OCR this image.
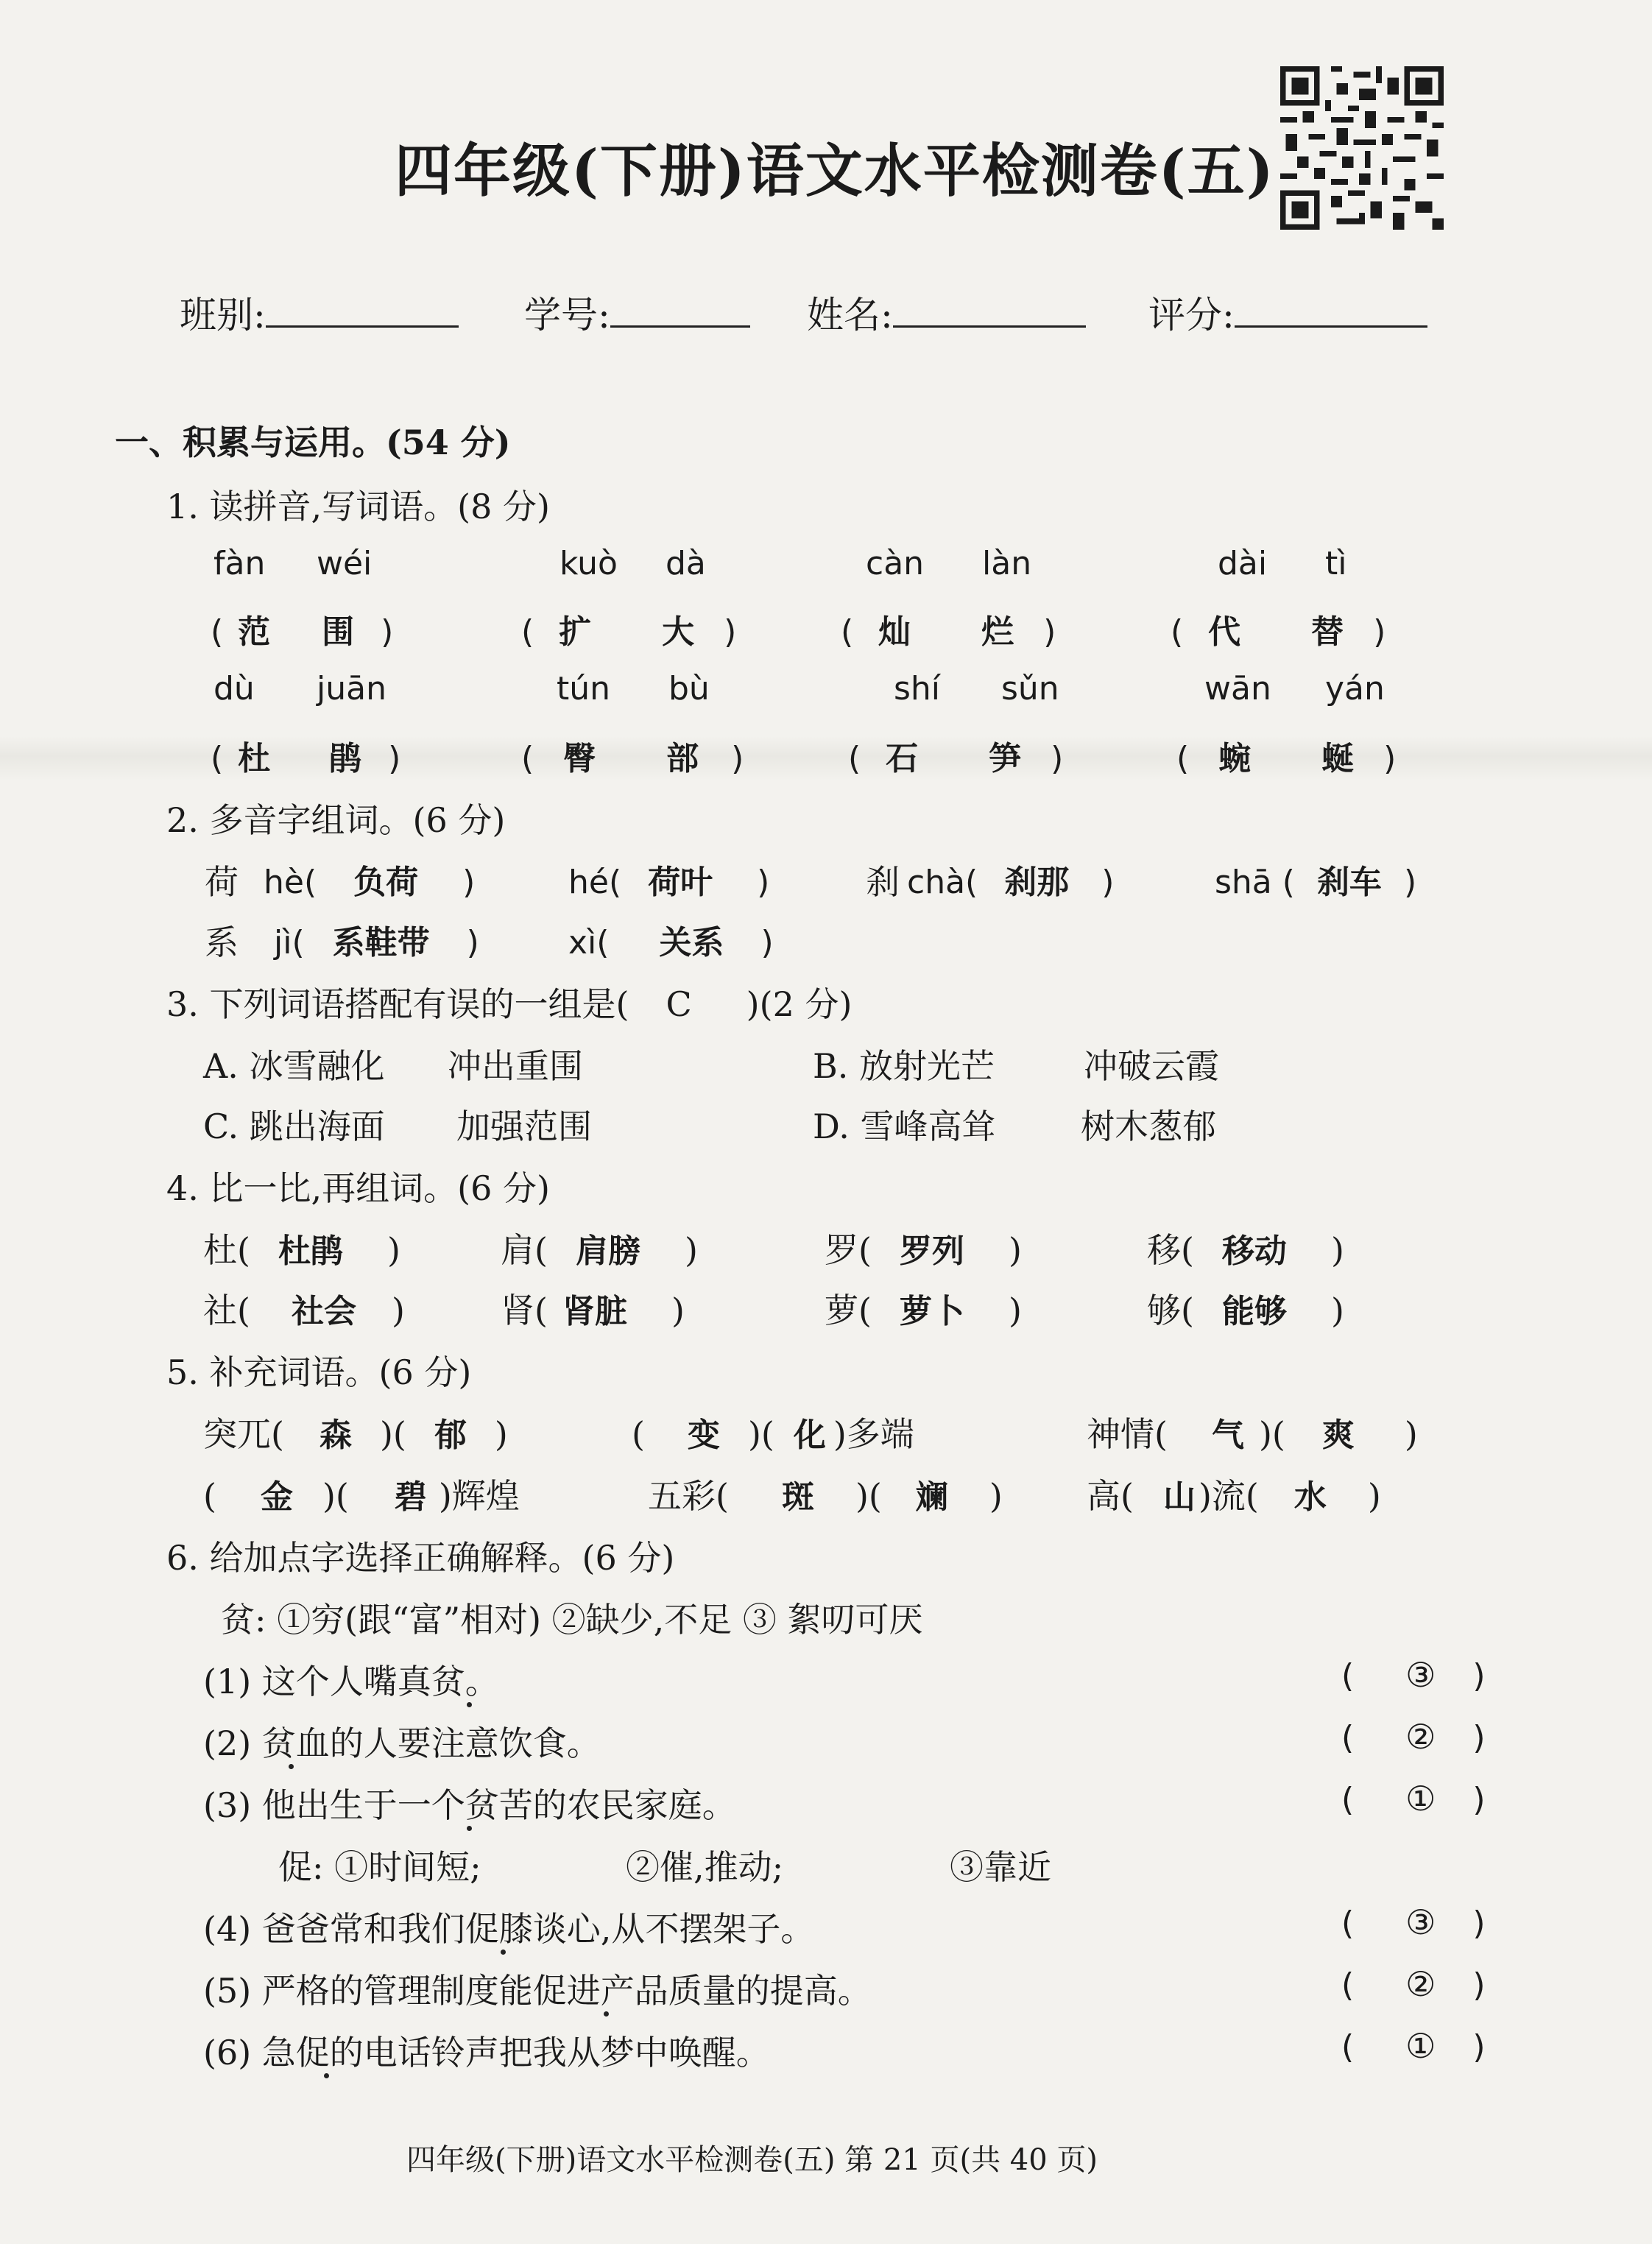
四年级(下册)语文水平检测卷(五)
班别:	学号:	姓名:	评分:
一、积累与运用。(54 分)
1. 读拼音,写词语。(8 分)
fàn wéi	kuò dà	càn làn	dài tì
( 范 围 )	( 扩 大 )	( 灿 烂 )	( 代 替 )
dù juān	tún bù	shí sǔn	wān yán
( 杜 鹃 )	( 臀 部 )	( 石 笋 )	( 蜿 蜒 )
2. 多音字组词。(6 分)
荷 hè( 负荷 )	hé( 荷叶 )	刹 chà( 刹那 )	shā ( 刹车 )
系 jì( 系鞋带 )	xì( 关系 )
3. 下列词语搭配有误的一组是( C )(2 分)
A. 冰雪融化 冲出重围	B. 放射光芒	冲破云霞
C. 跳出海面 加强范围	D. 雪峰高耸	树木葱郁
4. 比一比,再组词。(6 分)
杜( 杜鹃 )	肩( 肩膀 )	罗( 罗列 )	移( 移动 )
社( 社会 )	肾( 肾脏 )	萝( 萝卜 )	够( 能够 )
5. 补充词语。(6 分)
突兀( 森 )( 郁 )	( 变 )( 化 )多端	神情( 气 )( 爽 )
( 金 )( 碧 )辉煌	五彩( 斑 )( 斓 ) 高( 山)流( 水 )
6. 给加点字选择正确解释。(6 分)
贫: ①穷(跟“富”相对) ②缺少,不足 ③ 絮叨可厌
(1) 这个人嘴真贫。	( ③ )
(2) 贫血的人要注意饮食。	( ② )
(3) 他出生于一个贫苦的农民家庭。	( ① )
促: ①时间短;	②催,推动;	③靠近
(4) 爸爸常和我们促膝谈心,从不摆架子。	( ③ )
(5) 严格的管理制度能促进产品质量的提高。	( ② )
(6) 急促的电话铃声把我从梦中唤醒。	( ① )
四年级(下册)语文水平检测卷(五) 第 21 页(共 40 页)
